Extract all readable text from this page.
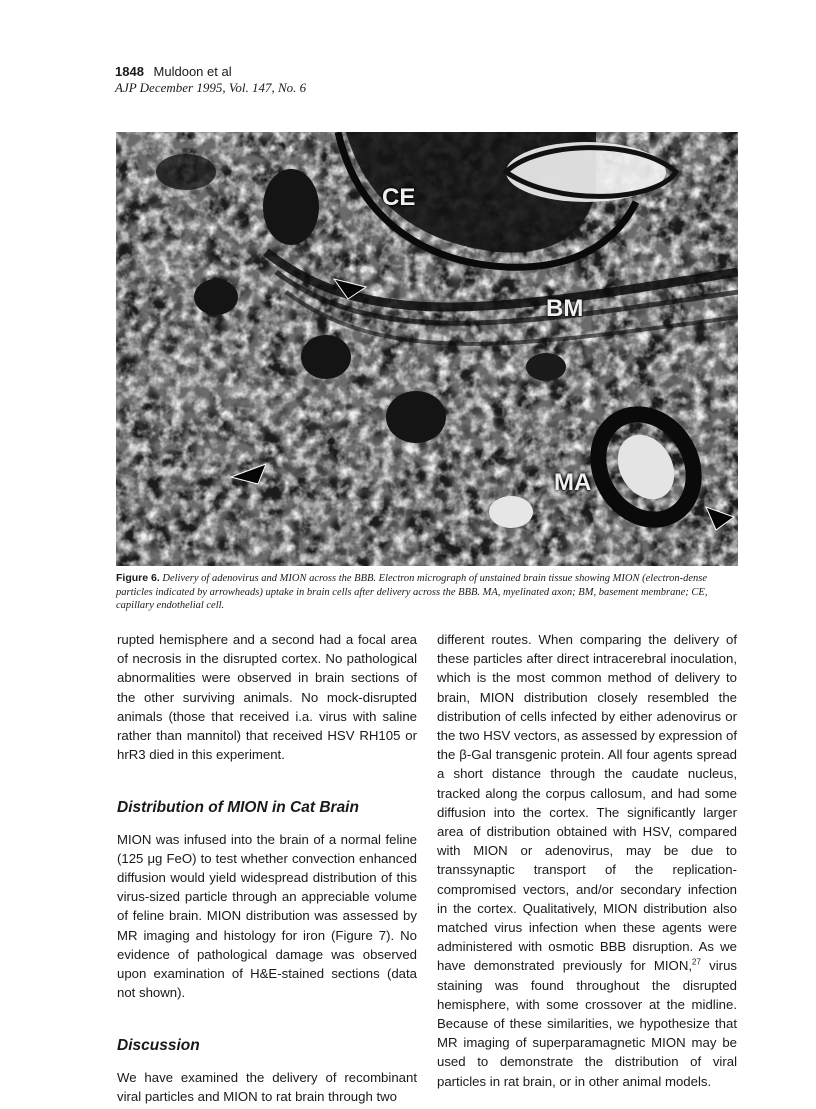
1848 Muldoon et al
AJP December 1995, Vol. 147, No. 6
CE
BM
MA
Figure 6. Delivery of adenovirus and MION across the BBB. Electron micrograph of unstained brain tissue showing MION (electron-dense particles indicated by arrowheads) uptake in brain cells after delivery across the BBB. MA, myelinated axon; BM, basement membrane; CE, capillary endothelial cell.

rupted hemisphere and a second had a focal area of necrosis in the disrupted cortex. No pathological abnormalities were observed in brain sections of the other surviving animals. No mock-disrupted animals (those that received i.a. virus with saline rather than mannitol) that received HSV RH105 or hrR3 died in this experiment.

Distribution of MION in Cat Brain

MION was infused into the brain of a normal feline (125 μg FeO) to test whether convection enhanced diffusion would yield widespread distribution of this virus-sized particle through an appreciable volume of feline brain. MION distribution was assessed by MR imaging and histology for iron (Figure 7). No evidence of pathological damage was observed upon examination of H&E-stained sections (data not shown).

Discussion

We have examined the delivery of recombinant viral particles and MION to rat brain through two

different routes. When comparing the delivery of these particles after direct intracerebral inoculation, which is the most common method of delivery to brain, MION distribution closely resembled the distribution of cells infected by either adenovirus or the two HSV vectors, as assessed by expression of the β-Gal transgenic protein. All four agents spread a short distance through the caudate nucleus, tracked along the corpus callosum, and had some diffusion into the cortex. The significantly larger area of distribution obtained with HSV, compared with MION or adenovirus, may be due to transsynaptic transport of the replication-compromised vectors, and/or secondary infection in the cortex. Qualitatively, MION distribution also matched virus infection when these agents were administered with osmotic BBB disruption. As we have demonstrated previously for MION,$^{27}$ virus staining was found throughout the disrupted hemisphere, with some crossover at the midline. Because of these similarities, we hypothesize that MR imaging of superparamagnetic MION may be used to demonstrate the distribution of viral particles in rat brain, or in other animal models.
